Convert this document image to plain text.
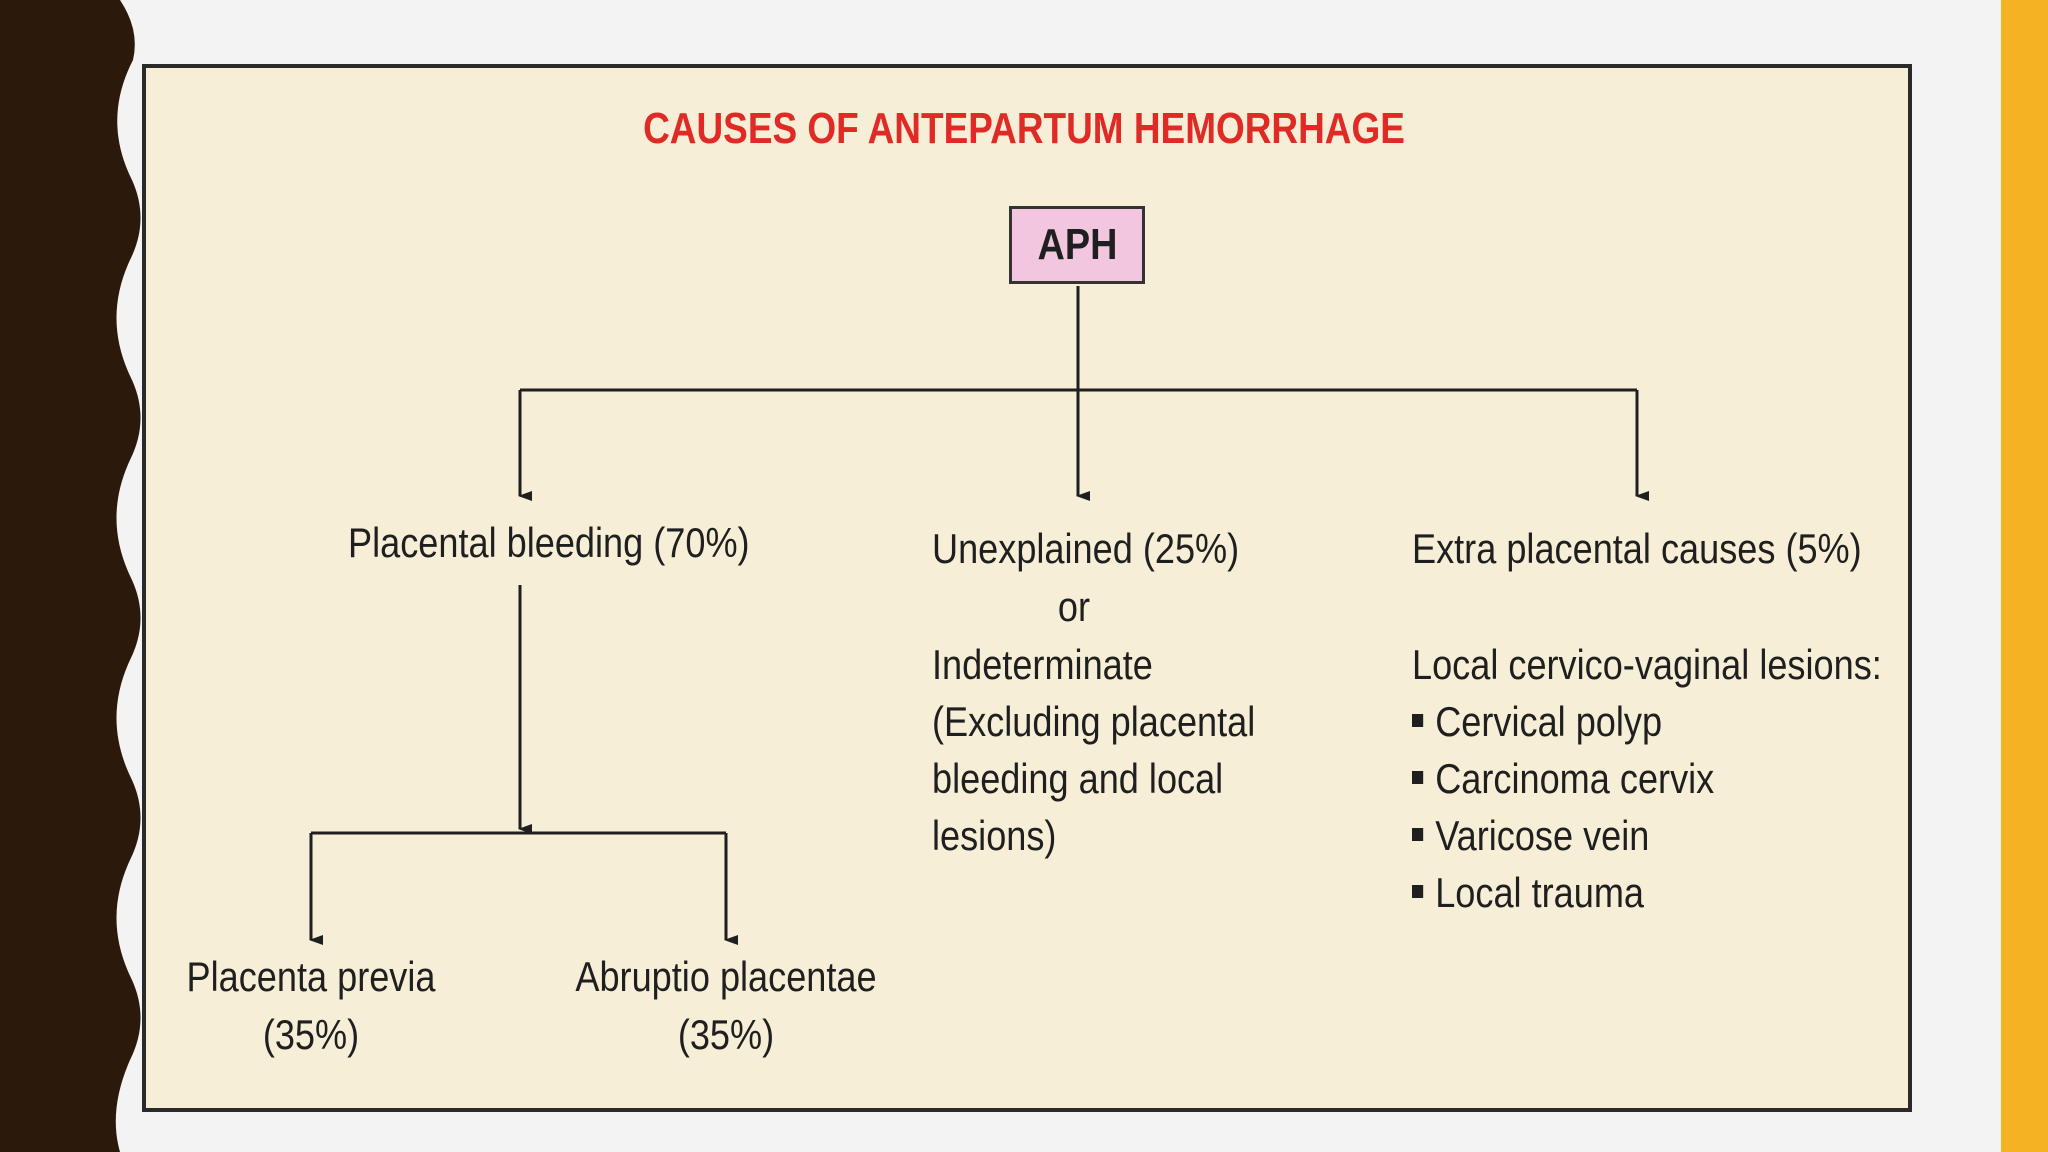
CAUSES OF ANTEPARTUM HEMORRHAGE
APH
Placental bleeding (70%)	Unexplained (25%)
or
Indeterminate
(Excluding placental
bleeding and local
lesions)
Extra placental causes (5%)
Local cervico-vaginal lesions:
Cervical polyp
Carcinoma cervix
Varicose vein
Local trauma
Placenta previa
(35%)
Abruptio placentae
(35%)
